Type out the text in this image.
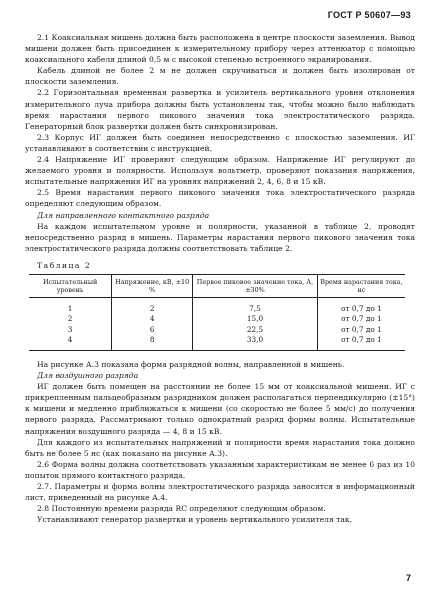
ГОСТ Р 50607—93

2.1 Коаксиальная мишень должна быть расположена в центре плоскости заземления. Вывод мишени должен быть присоединен к измерительному прибору через аттенюатор с помощью коаксиального кабеля длиной 0,5 м с высокой степенью встроенного экранирования.

Кабель длиной не более 2 м не должен скручиваться и должен быть изолирован от плоскости заземления.

2.2 Горизонтальная временная развертка и усилитель вертикального уровня отклонения измерительного луча прибора должны быть установлены так, чтобы можно было наблюдать время нарастания первого пикового значения тока электростатического разряда. Генераторный блок развертки должен быть синхронизирован.

2.3 Корпус ИГ должен быть соединен непосредственно с плоскостью заземления. ИГ устанавливают в соответствии с инструкцией.

2.4 Напряжение ИГ проверяют следующим образом. Напряжение ИГ регулируют до желаемого уровня и полярности. Используя вольтметр, проверяют показания напряжения, испытательные напряжения ИГ на уровнях напряжений 2, 4, 6, 8 и 15 кВ.

2.5 Время нарастания первого пикового значения тока электростатического разряда определяют следующим образом.

Для направленного контактного разряда

На каждом испытательном уровне и полярности, указанной в таблице 2, проводят непосредственно разряд в мишень. Параметры нарастания первого пикового значения тока электростатического разряда должны соответствовать таблице 2.

Таблица 2

Испытательный уровень	Напряжение, кВ, ±10 %	Первое пиковое значение тока, А, ±30%	Время нарастания тока, нс
1	2	7,5	от 0,7 до 1
2	4	15,0	от 0,7 до 1
3	6	22,5	от 0,7 до 1
4	8	33,0	от 0,7 до 1

На рисунке А.3 показана форма разрядной волны, направленной в мишень.

Для воздушного разряда

ИГ должен быть помещен на расстоянии не более 15 мм от коаксиальной мишени. ИГ с прикрепленным пальцеобразным разрядником должен располагаться перпендикулярно (±15°) к мишени и медленно приближаться к мишени (со скоростью не более 5 мм/с) до получения первого разряда. Рассматривают только однократный разряд формы волны. Испытательные напряжения воздушного разряда — 4, 8 и 15 кВ.

Для каждого из испытательных напряжений и полярности время нарастания тока должно быть не более 5 нс (как показано на рисунке А.3).

2.6 Форма волны должна соответствовать указанным характеристикам не менее 6 раз из 10 попыток прямого контактного разряда.

2.7. Параметры и форма волны электростатического разряда заносятся в информационный лист, приведенный на рисунке А.4.

2.8 Постоянную времени разряда RC определяют следующим образом.

Устанавливают генератор развертки и уровень вертикального усилителя так,

7
